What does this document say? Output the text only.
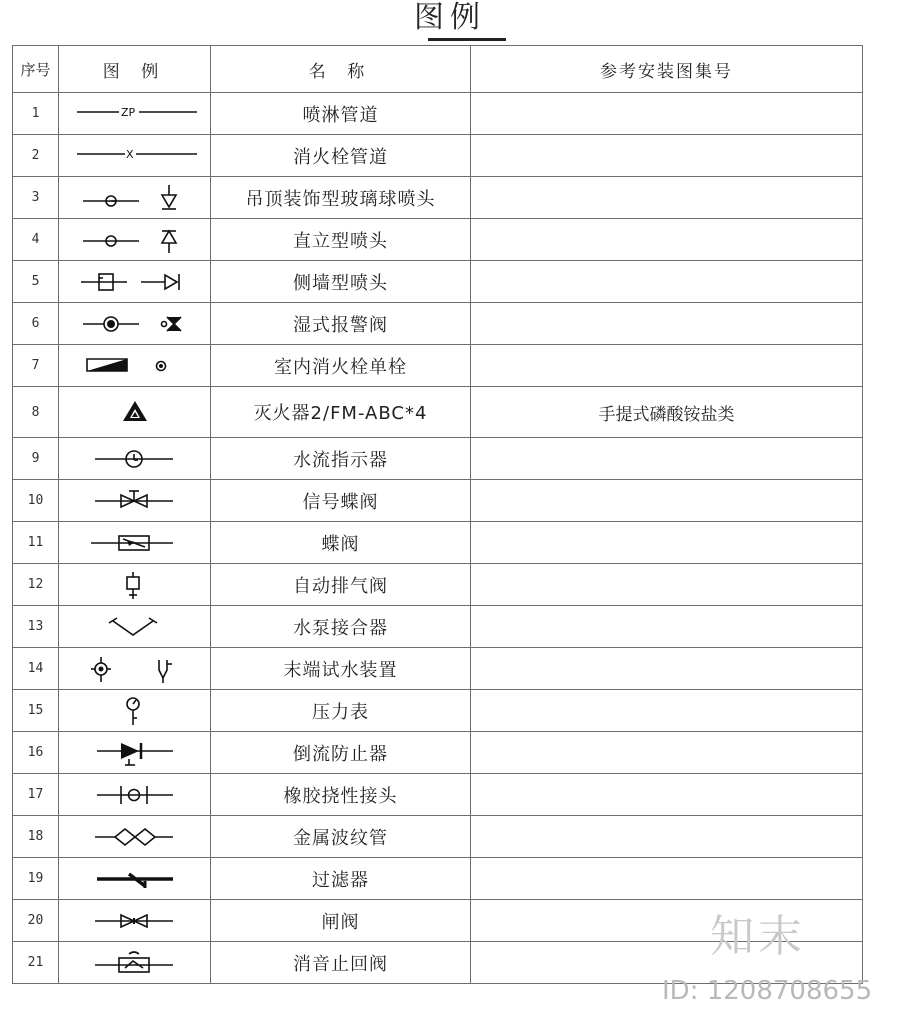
图例
序号	图 例	名 称	参考安装图集号
1	ZP	喷淋管道	
2	X	消火栓管道	
3		吊顶装饰型玻璃球喷头	
4		直立型喷头	
5		侧墙型喷头	
6		湿式报警阀	
7		室内消火栓单栓	
8		灭火器2/FM-ABC*4	手提式磷酸铵盐类
9		水流指示器	
10		信号蝶阀	
11		蝶阀	
12		自动排气阀	
13		水泵接合器	
14		末端试水装置	
15		压力表	
16		倒流防止器	
17		橡胶挠性接头	
18		金属波纹管	
19		过滤器	
20		闸阀	
21		消音止回阀	
知末
ID: 1208708655
